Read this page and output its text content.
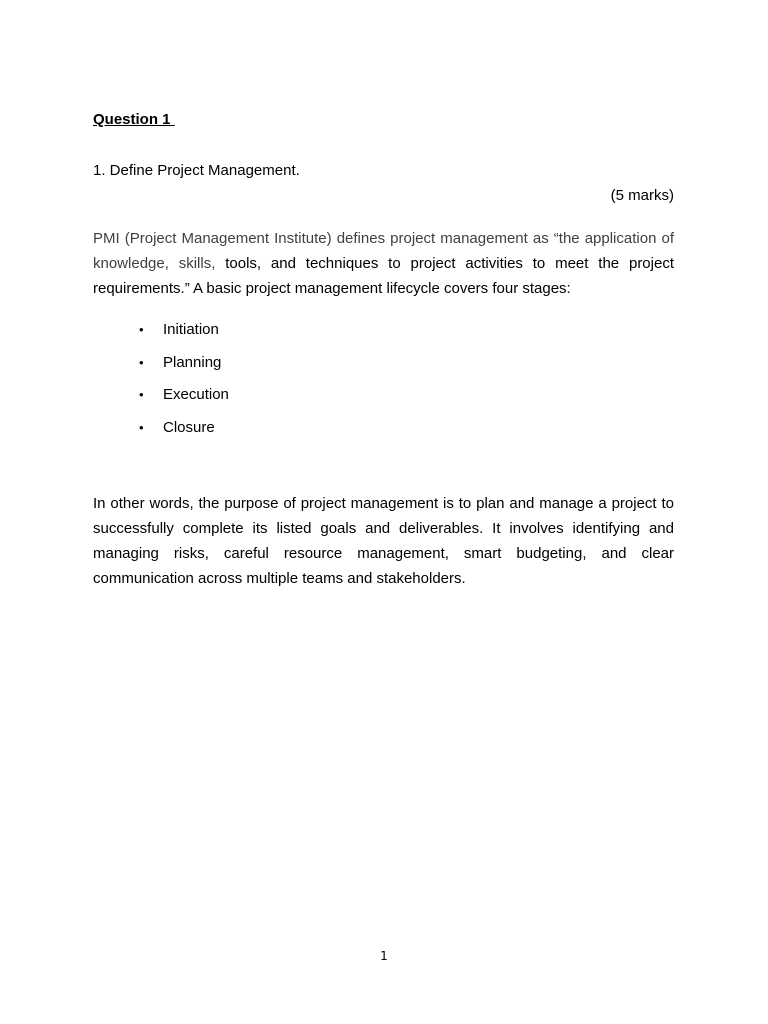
Question 1
1. Define Project Management.
(5 marks)
PMI (Project Management Institute) defines project management as “the application of knowledge, skills, tools, and techniques to project activities to meet the project requirements.” A basic project management lifecycle covers four stages:
• Initiation
• Planning
• Execution
• Closure
In other words, the purpose of project management is to plan and manage a project to successfully complete its listed goals and deliverables. It involves identifying and managing risks, careful resource management, smart budgeting, and clear communication across multiple teams and stakeholders.
1
